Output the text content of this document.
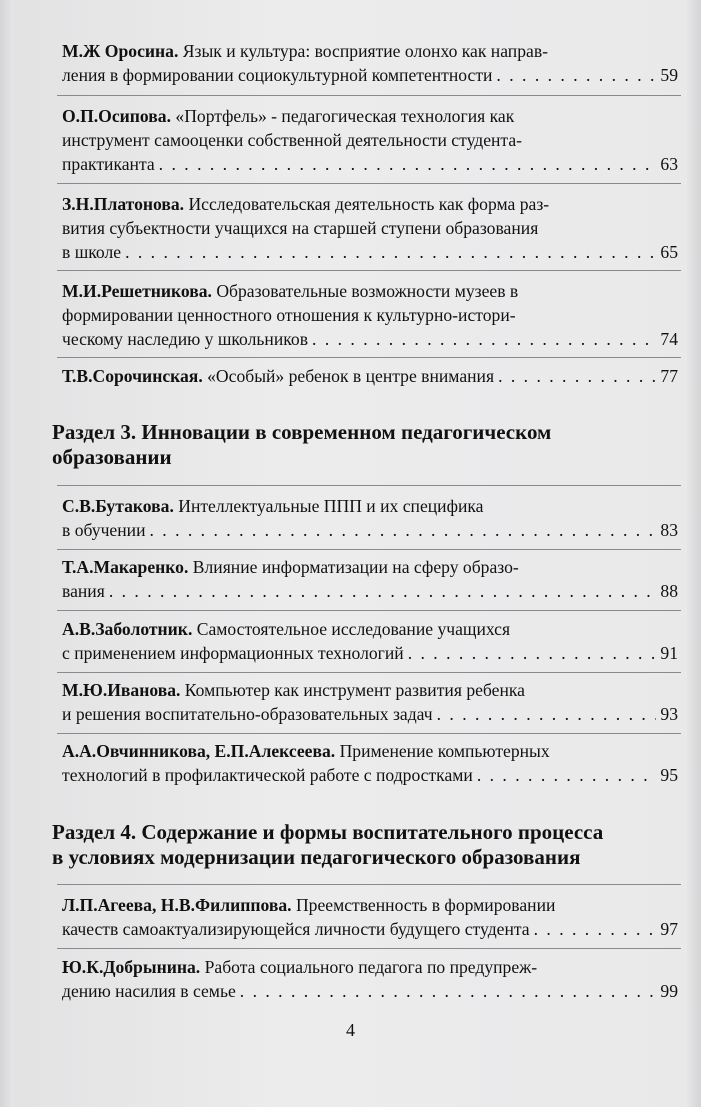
М.Ж Оросина. Язык и культура: восприятие олонхо как направ-
ления в формировании социокультурной компетентности . . .	59
О.П.Осипова. «Портфель» - педагогическая технология как
инструмент самооценки собственной деятельности студента-
практиканта . . .	63
З.Н.Платонова. Исследовательская деятельность как форма раз-
вития субъектности учащихся на старшей ступени образования
в школе . . .	65
М.И.Решетникова. Образовательные возможности музеев в
формировании ценностного отношения к культурно-истори-
ческому наследию у школьников . . .	74
Т.В.Сорочинская. «Особый» ребенок в центре внимания . . .	77
Раздел 3. Инновации в современном педагогическом
образовании
С.В.Бутакова. Интеллектуальные ППП и их специфика
в обучении . . .	83
Т.А.Макаренко. Влияние информатизации на сферу образо-
вания . . .	88
А.В.Заболотник. Самостоятельное исследование учащихся
с применением информационных технологий . . .	91
М.Ю.Иванова. Компьютер как инструмент развития ребенка
и решения воспитательно-образовательных задач . . .	93
А.А.Овчинникова, Е.П.Алексеева. Применение компьютерных
технологий в профилактической работе с подростками . . .	95
Раздел 4. Содержание и формы воспитательного процесса
в условиях модернизации педагогического образования
Л.П.Агеева, Н.В.Филиппова. Преемственность в формировании
качеств самоактуализирующейся личности будущего студента . . .	97
Ю.К.Добрынина. Работа социального педагога по предупреж-
дению насилия в семье . . .	99
4
